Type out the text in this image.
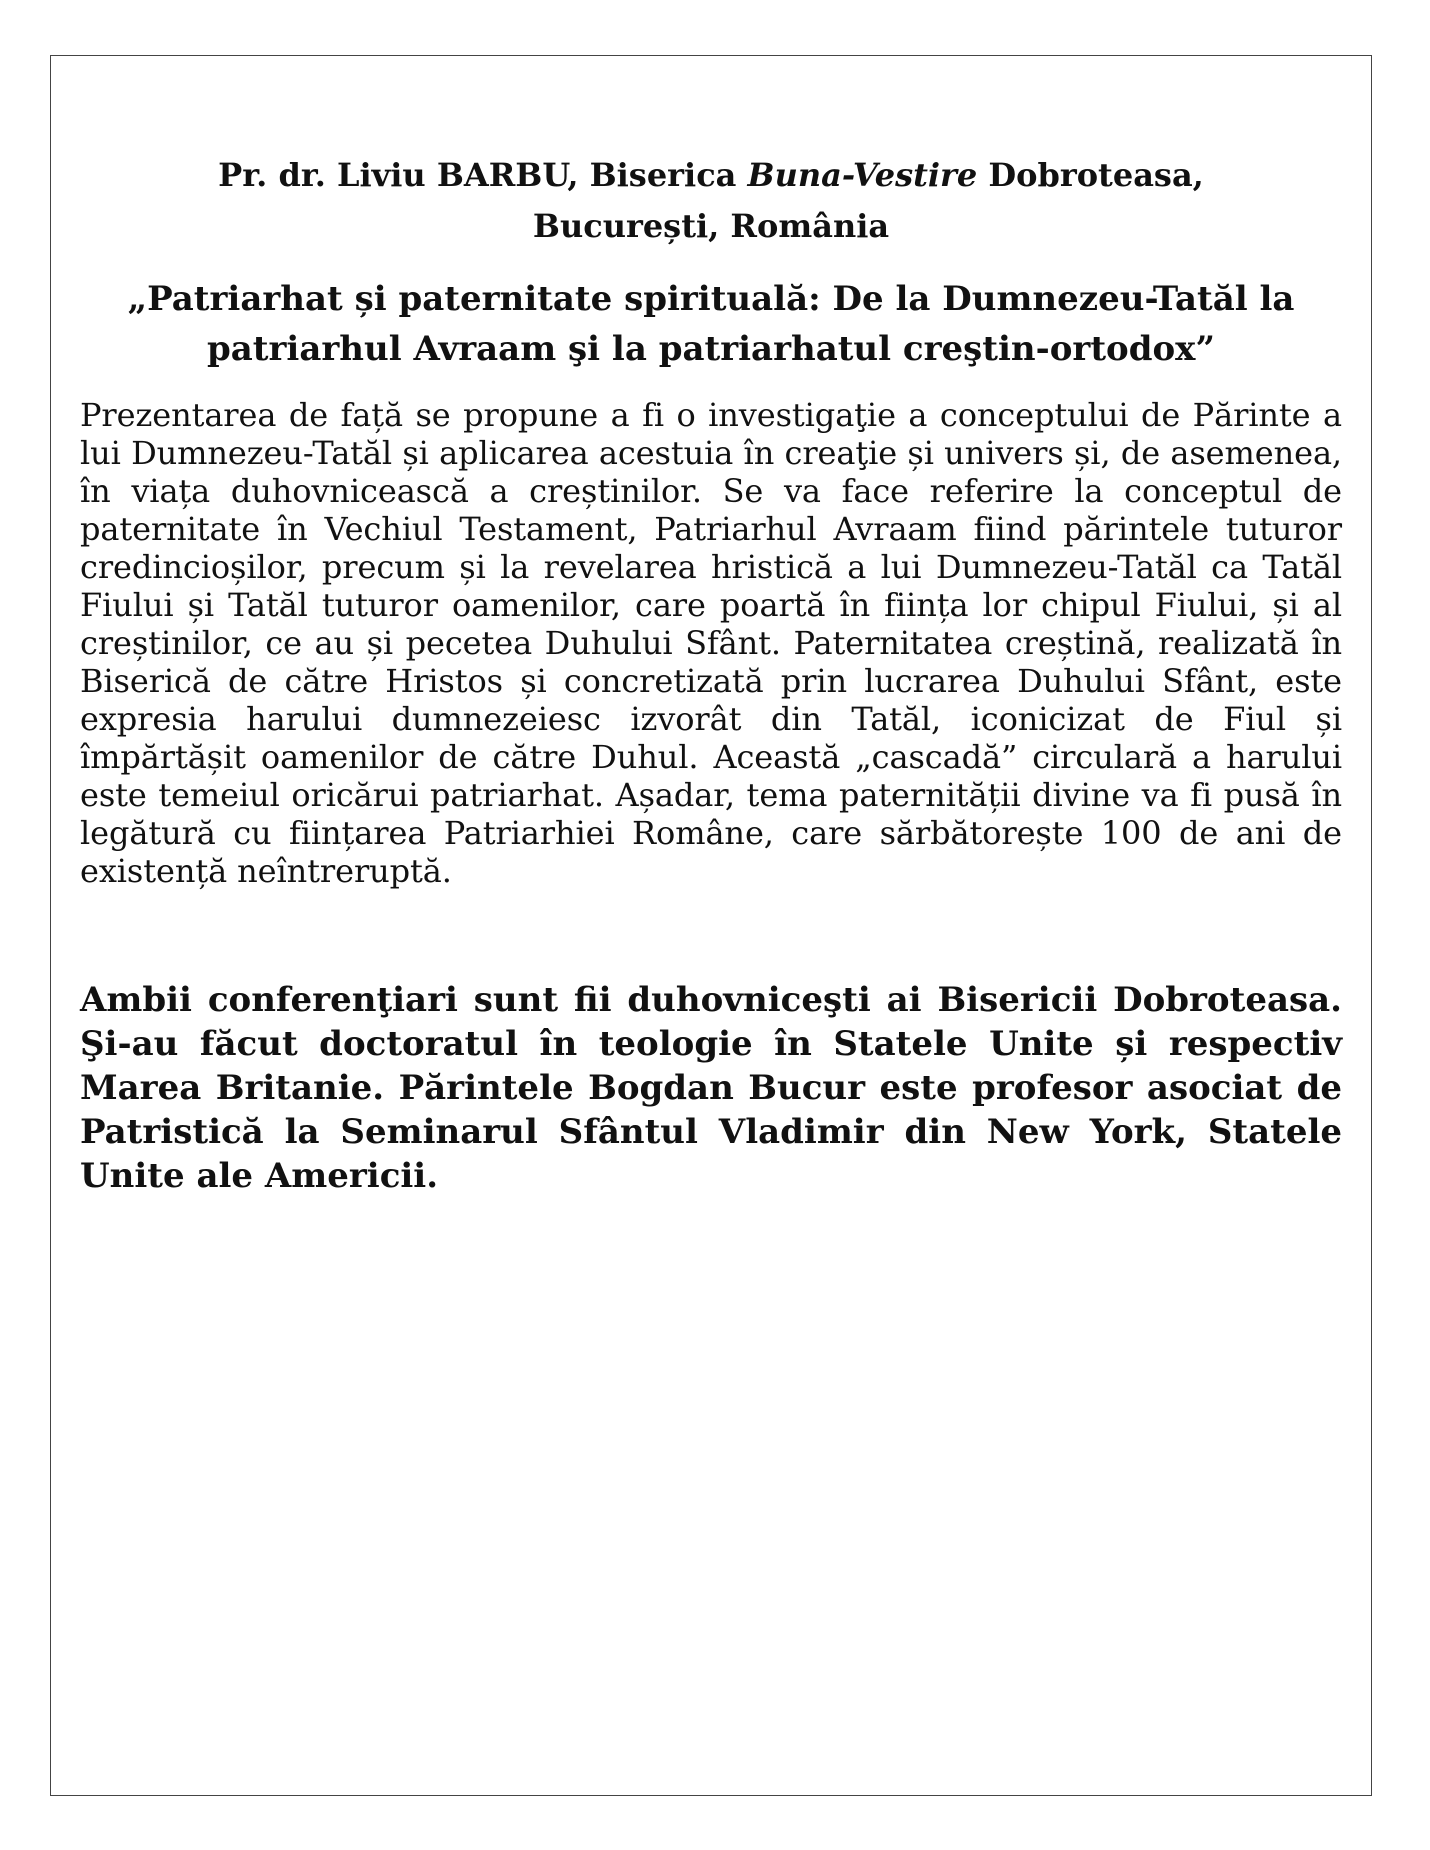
Pr. dr. Liviu BARBU, Biserica Buna-Vestire Dobroteasa,
București, România

„Patriarhat și paternitate spirituală: De la Dumnezeu-Tatăl la
patriarhul Avraam şi la patriarhatul creştin-ortodox”

Prezentarea de față se propune a fi o investigaţie a conceptului de Părinte a lui Dumnezeu-Tatăl și aplicarea acestuia în creaţie și univers și, de asemenea, în viața duhovnicească a creștinilor. Se va face referire la conceptul de paternitate în Vechiul Testament, Patriarhul Avraam fiind părintele tuturor credincioșilor, precum și la revelarea hristică a lui Dumnezeu-Tatăl ca Tatăl Fiului și Tatăl tuturor oamenilor, care poartă în ființa lor chipul Fiului, și al creștinilor, ce au și pecetea Duhului Sfânt. Paternitatea creștină, realizată în Biserică de către Hristos și concretizată prin lucrarea Duhului Sfânt, este expresia harului dumnezeiesc izvorât din Tatăl, iconicizat de Fiul și împărtășit oamenilor de către Duhul. Această „cascadă” circulară a harului este temeiul oricărui patriarhat. Așadar, tema paternității divine va fi pusă în legătură cu ființarea Patriarhiei Române, care sărbătorește 100 de ani de existență neîntreruptă.

Ambii conferenţiari sunt fii duhovniceşti ai Bisericii Dobroteasa. Şi-au făcut doctoratul în teologie în Statele Unite și respectiv Marea Britanie. Părintele Bogdan Bucur este profesor asociat de Patristică la Seminarul Sfântul Vladimir din New York, Statele Unite ale Americii.
